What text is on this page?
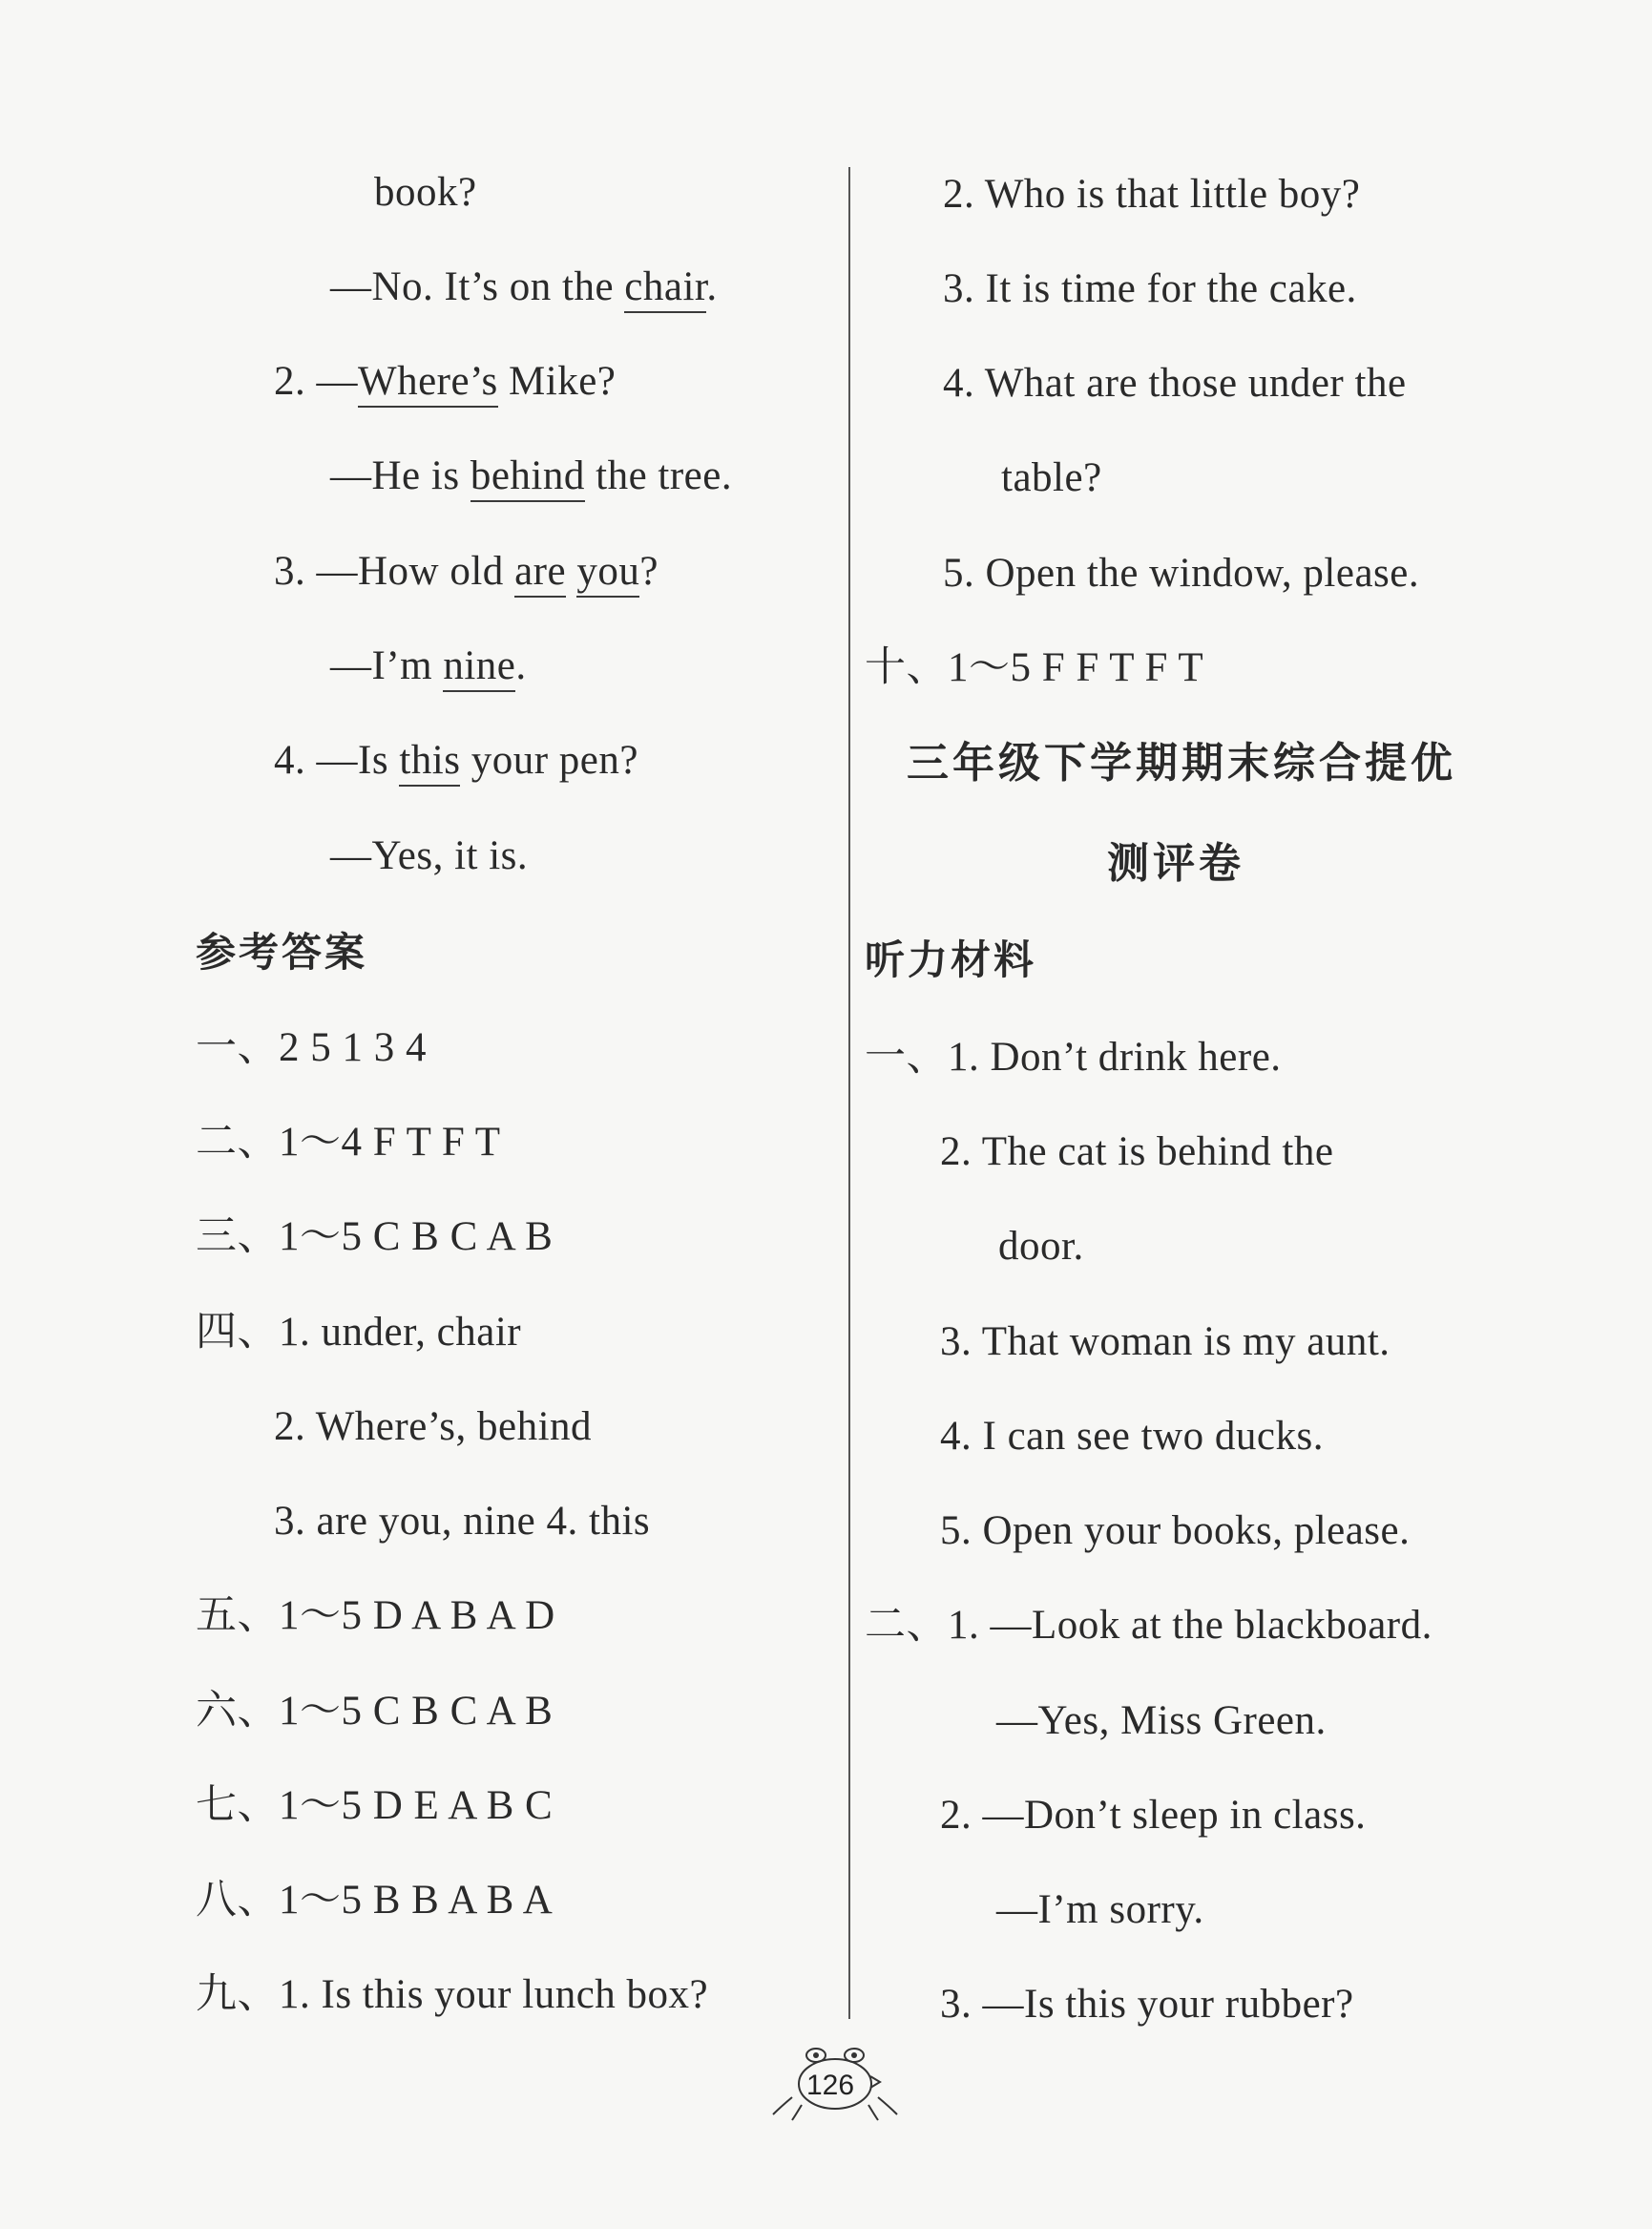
book?
—No. It’s on the chair.
2. —Where’s Mike?
—He is behind the tree.
3. —How old are you?
—I’m nine.
4. —Is this your pen?
—Yes, it is.
参考答案
一、2 5 1 3 4
二、1～4 F T F T
三、1～5 C B C A B
四、1. under, chair
2. Where’s, behind
3. are you, nine 4. this
五、1～5 D A B A D
六、1～5 C B C A B
七、1～5 D E A B C
八、1～5 B B A B A
九、1. Is this your lunch box?
2. Who is that little boy?
3. It is time for the cake.
4. What are those under the
table?
5. Open the window, please.
十、1～5 F F T F T
三年级下学期期末综合提优
测评卷
听力材料
一、1. Don’t drink here.
2. The cat is behind the
door.
3. That woman is my aunt.
4. I can see two ducks.
5. Open your books, please.
二、1. —Look at the blackboard.
—Yes, Miss Green.
2. —Don’t sleep in class.
—I’m sorry.
3. —Is this your rubber?
126
